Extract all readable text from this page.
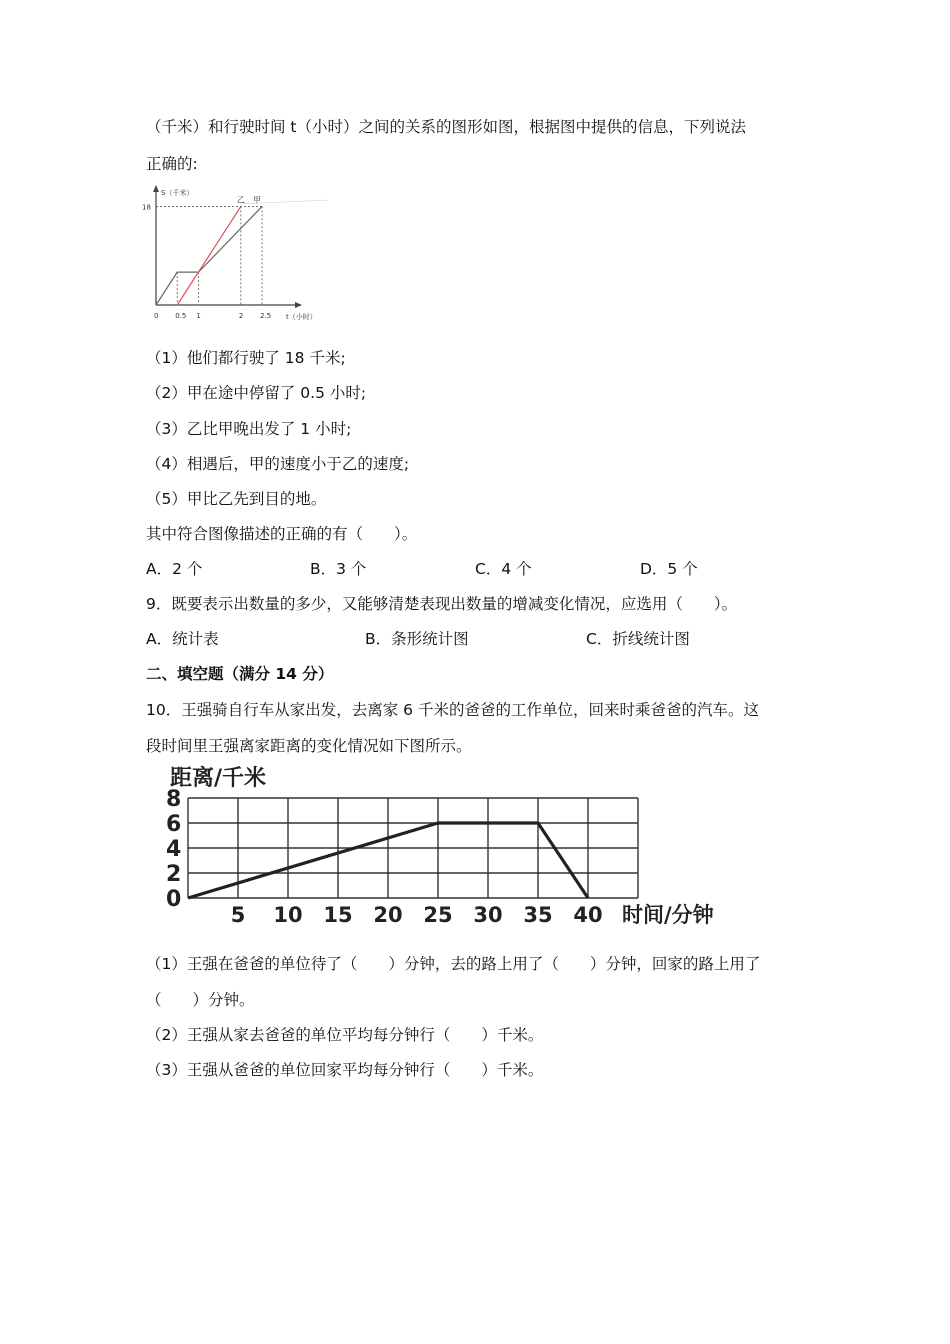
（千米）和行驶时间 t（小时）之间的关系的图形如图，根据图中提供的信息，下列说法
正确的:
S（千米）
t（小时）
0 0.5 1	2 2.5
18
乙 甲
（1）他们都行驶了 18 千米;
（2）甲在途中停留了 0.5 小时;
（3）乙比甲晚出发了 1 小时;
（4）相遇后，甲的速度小于乙的速度;
（5）甲比乙先到目的地。
其中符合图像描述的正确的有（　　）。
A．2 个	B．3 个	C．4 个	D．5 个
9．既要表示出数量的多少，又能够清楚表现出数量的增减变化情况，应选用（　　）。
A．统计表	B．条形统计图	C．折线统计图
二、填空题（满分 14 分）
10．王强骑自行车从家出发，去离家 6 千米的爸爸的工作单位，回来时乘爸爸的汽车。这
段时间里王强离家距离的变化情况如下图所示。
距离/千米
时间/分钟
0
2
4
6
8
5 10 15 20 25 30 35 40
（1）王强在爸爸的单位待了（　　）分钟，去的路上用了（　　）分钟，回家的路上用了
（　　）分钟。
（2）王强从家去爸爸的单位平均每分钟行（　　）千米。
（3）王强从爸爸的单位回家平均每分钟行（　　）千米。
